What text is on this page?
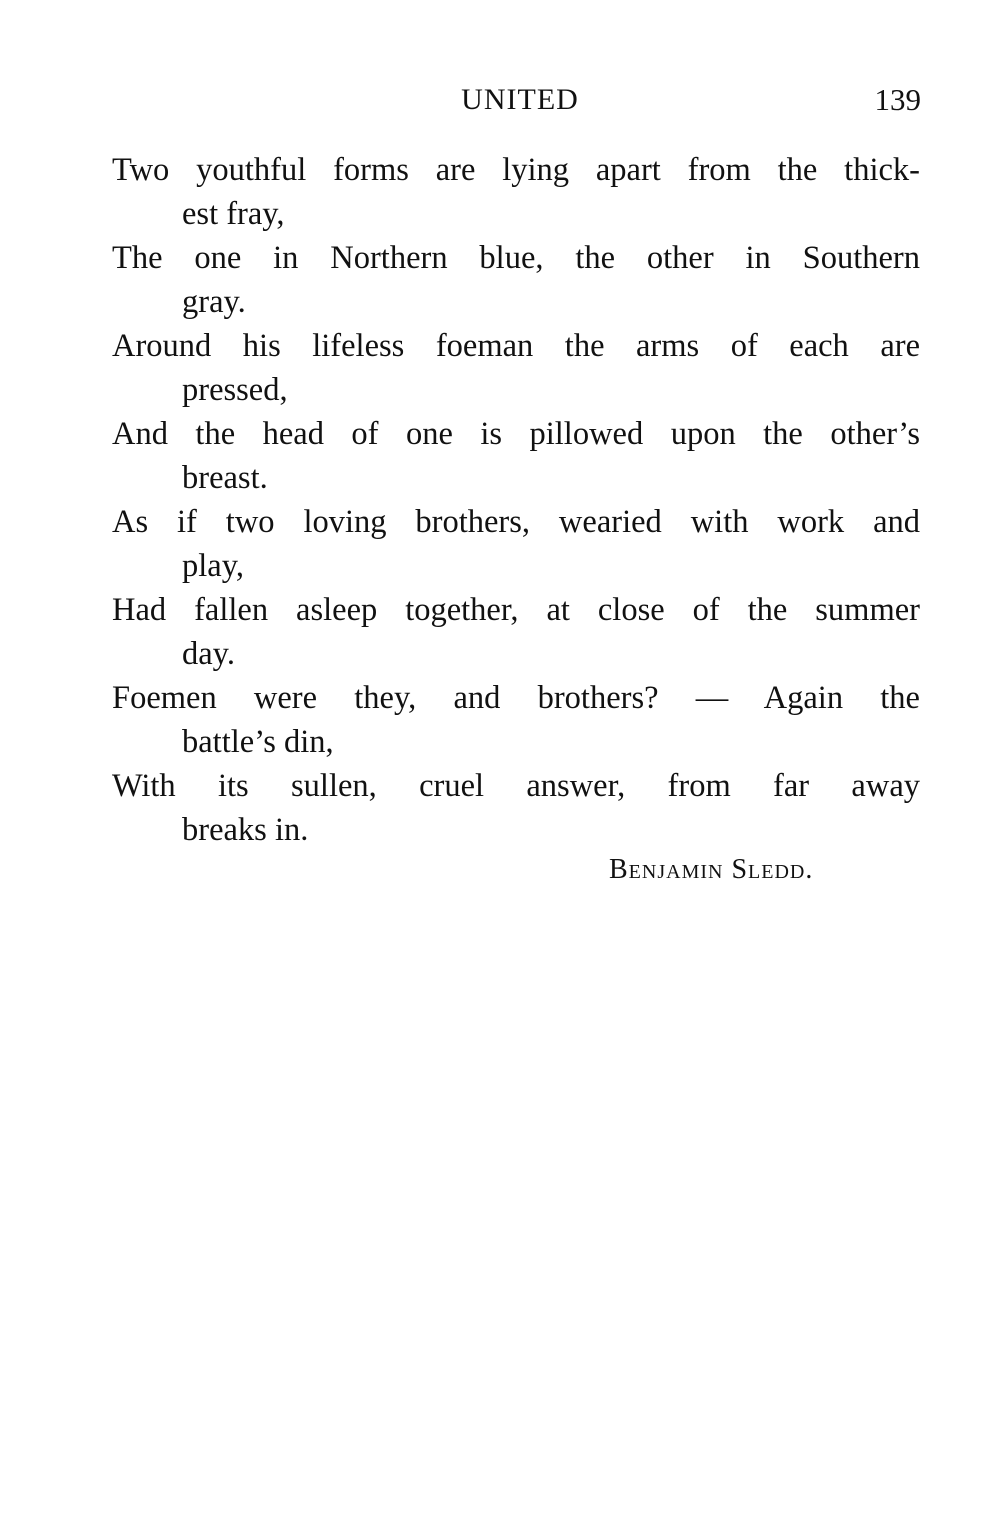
UNITED	139
Two youthful forms are lying apart from the thick-
est fray,
The one in Northern blue, the other in Southern
gray.
Around his lifeless foeman the arms of each are
pressed,
And the head of one is pillowed upon the other’s
breast.
As if two loving brothers, wearied with work and
play,
Had fallen asleep together, at close of the summer
day.
Foemen were they, and brothers? — Again the
battle’s din,
With its sullen, cruel answer, from far away
breaks in.
Benjamin Sledd.
